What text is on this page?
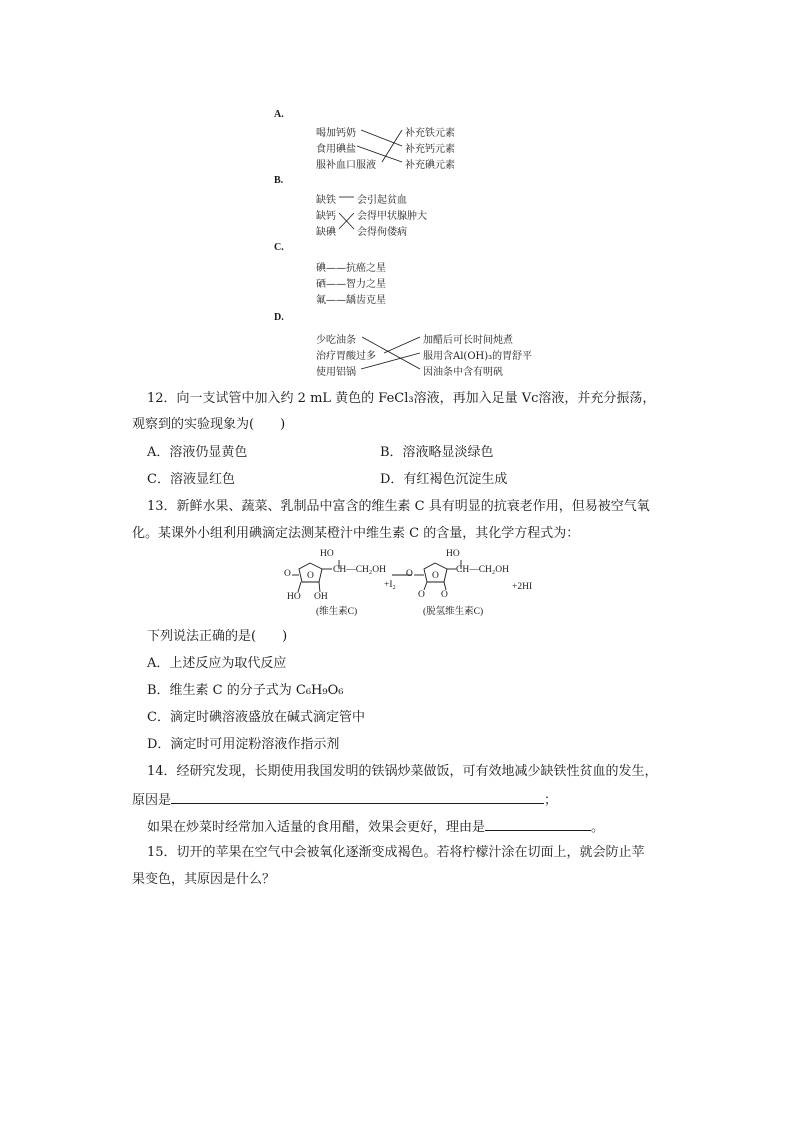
A.
喝加钙奶
食用碘盐
服补血口服液
补充铁元素
补充钙元素
补充碘元素
B.
缺铁
缺钙
缺碘
会引起贫血
会得甲状腺肿大
会得佝偻病
C.
碘——抗癌之星
硒——智力之星
氟——龋齿克星
D.
少吃油条
治疗胃酸过多
使用铝锅
加醋后可长时间炖煮
服用含Al(OH)₃的胃舒平
因油条中含有明矾
12．向一支试管中加入约 2 mL 黄色的 FeCl₃溶液，再加入足量 Vc溶液，并充分振荡，
观察到的实验现象为(　　)
A．溶液仍显黄色	B．溶液略显淡绿色
C．溶液显红色	D．有红褐色沉淀生成
13．新鲜水果、蔬菜、乳制品中富含的维生素 C 具有明显的抗衰老作用，但易被空气氧
化。某课外小组利用碘滴定法测某橙汁中维生素 C 的含量，其化学方程式为：
HO
O O
CH—CH₂OH
HO OH
(维生素C)
+I₂
HO
O O
CH—CH₂OH
O O
+2HI
(脱氢维生素C)
下列说法正确的是(　　)
A．上述反应为取代反应
B．维生素 C 的分子式为 C₆H₉O₆
C．滴定时碘溶液盛放在碱式滴定管中
D．滴定时可用淀粉溶液作指示剂
14．经研究发现，长期使用我国发明的铁锅炒菜做饭，可有效地减少缺铁性贫血的发生，
原因是	；
如果在炒菜时经常加入适量的食用醋，效果会更好，理由是	。
15．切开的苹果在空气中会被氧化逐渐变成褐色。若将柠檬汁涂在切面上，就会防止苹
果变色，其原因是什么？
